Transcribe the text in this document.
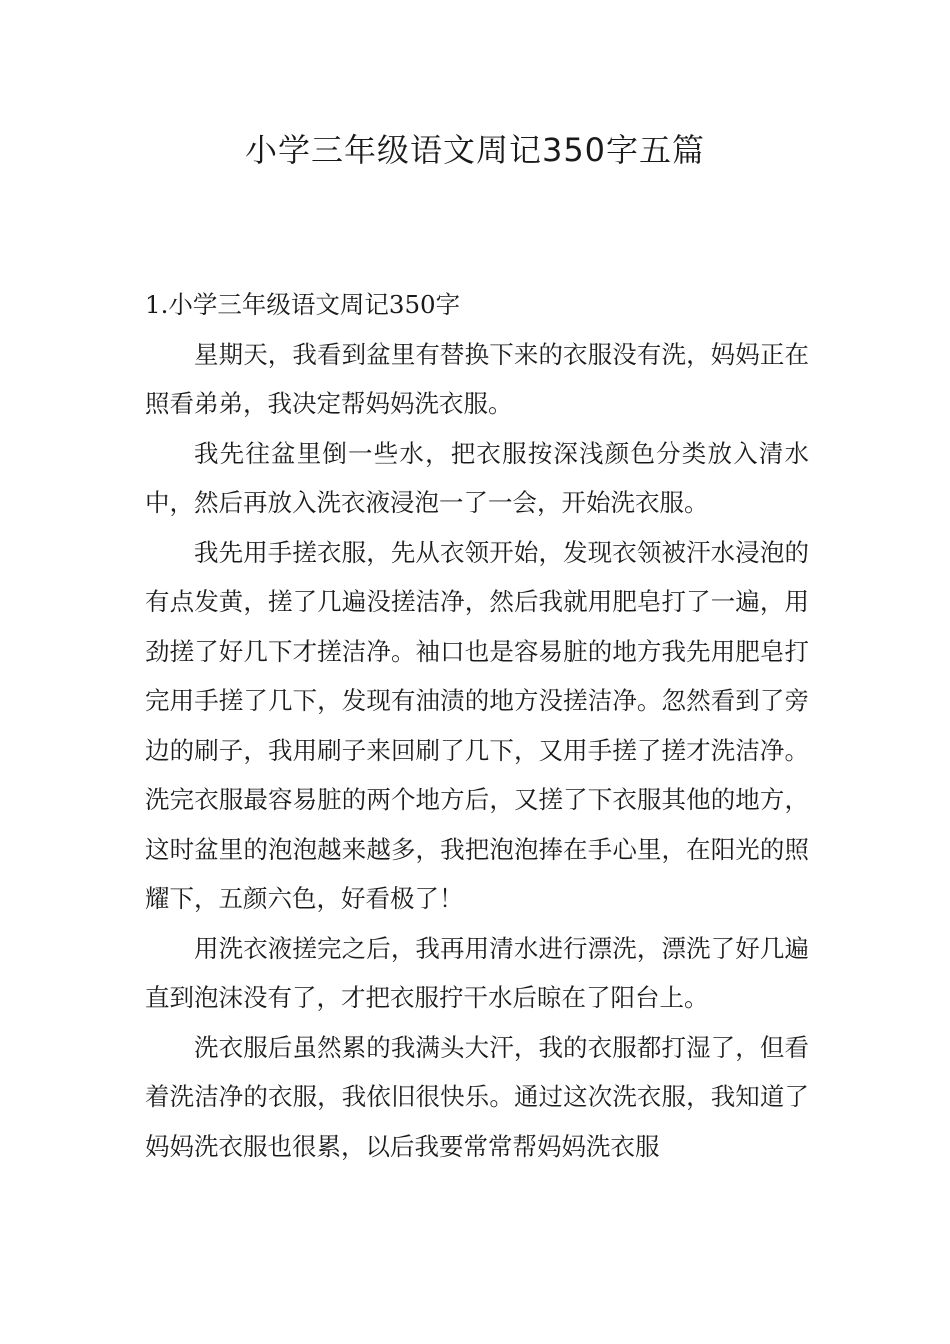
小学三年级语文周记350字五篇

1.小学三年级语文周记350字

星期天，我看到盆里有替换下来的衣服没有洗，妈妈正在照看弟弟，我决定帮妈妈洗衣服。

我先往盆里倒一些水，把衣服按深浅颜色分类放入清水中，然后再放入洗衣液浸泡一了一会，开始洗衣服。

我先用手搓衣服，先从衣领开始，发现衣领被汗水浸泡的有点发黄，搓了几遍没搓洁净，然后我就用肥皂打了一遍，用劲搓了好几下才搓洁净。袖口也是容易脏的地方我先用肥皂打完用手搓了几下，发现有油渍的地方没搓洁净。忽然看到了旁边的刷子，我用刷子来回刷了几下，又用手搓了搓才洗洁净。洗完衣服最容易脏的两个地方后，又搓了下衣服其他的地方，这时盆里的泡泡越来越多，我把泡泡捧在手心里，在阳光的照耀下，五颜六色，好看极了！

用洗衣液搓完之后，我再用清水进行漂洗，漂洗了好几遍直到泡沫没有了，才把衣服拧干水后晾在了阳台上。

洗衣服后虽然累的我满头大汗，我的衣服都打湿了，但看着洗洁净的衣服，我依旧很快乐。通过这次洗衣服，我知道了妈妈洗衣服也很累，以后我要常常帮妈妈洗衣服
